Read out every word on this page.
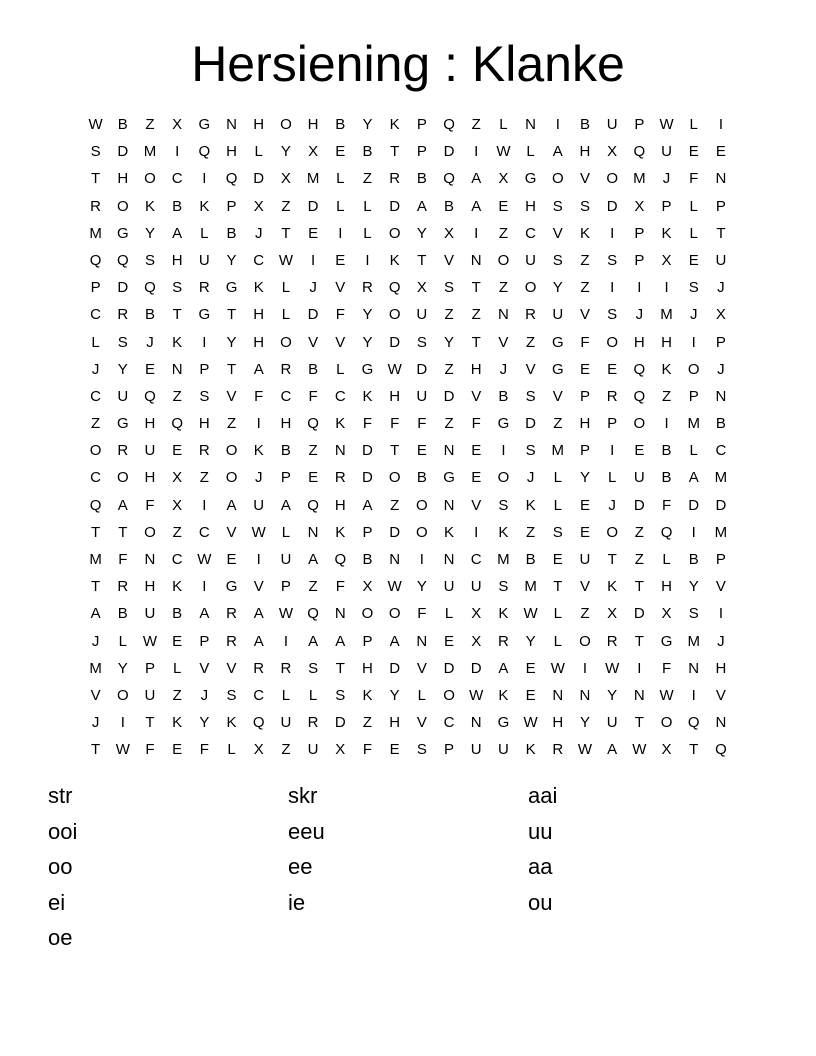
Hersiening : Klanke
W	B	Z	X	G	N	H	O	H	B	Y	K	P	Q	Z	L	N	I	B	U	P	W	L	I
S	D	M	I	Q	H	L	Y	X	E	B	T	P	D	I	W	L	A	H	X	Q	U	E	E
T	H	O	C	I	Q	D	X	M	L	Z	R	B	Q	A	X	G	O	V	O	M	J	F	N
R	O	K	B	K	P	X	Z	D	L	L	D	A	B	A	E	H	S	S	D	X	P	L	P
M	G	Y	A	L	B	J	T	E	I	L	O	Y	X	I	Z	C	V	K	I	P	K	L	T
Q	Q	S	H	U	Y	C W	I	E	I	K	T	V	N	O	U	S	Z	S	P	X	E	U
P	D	Q	S	R	G	K	L	J	V	R	Q	X	S	T	Z	O	Y	Z	I	I	I	S	J
C	R	B	T	G	T	H	L	D	F	Y	O	U	Z	Z	N	R	U	V	S	J	M	J	X
L	S	J	K	I	Y	H	O	V	V	Y	D	S	Y	T	V	Z	G	F	O	H	H	I	P
J	Y	E	N	P	T	A	R	B	L	G W D	Z	H	J	V	G	E	E	Q	K	O	J
C	U	Q	Z	S	V	F	C	F	C	K	H	U	D	V	B	S	V	P	R	Q	Z	P	N
Z	G	H	Q	H	Z	I	H	Q	K	F	F	F	Z	F	G	D	Z	H	P	O	I	M	B
O	R	U	E	R	O	K	B	Z	N	D	T	E	N	E	I	S	M	P	I	E	B	L	C
C	O	H	X	Z	O	J	P	E	R	D	O	B	G	E	O	J	L	Y	L	U	B	A	M
Q	A	F	X	I	A	U	A	Q	H	A	Z	O	N	V	S	K	L	E	J	D	F	D	D
T	T	O	Z	C	V	W	L	N	K	P	D	O	K	I	K	Z	S	E	O	Z	Q	I	M
M	F	N	C W	E	I	U	A	Q	B	N	I	N	C	M	B	E	U	T	Z	L	B	P
T	R	H	K	I	G	V	P	Z	F	X	W	Y	U	U	S	M	T	V	K	T	H	Y	V
A	B	U	B	A	R	A	W Q	N	O	O	F	L	X	K	W	L	Z	X	D	X	S	I
J	L	W	E	P	R	A	I	A	A	P	A	N	E	X	R	Y	L	O	R	T	G	M	J
M	Y	P	L	V	V	R	R	S	T	H	D	V	D	D	A	E	W	I	W	I	F	N	H
V	O	U	Z	J	S	C	L	L	S	K	Y	L	O W	K	E	N	N	Y	N W	I	V
J	I	T	K	Y	K	Q	U	R	D	Z	H	V	C	N	G W H	Y	U	T	O	Q	N
T	W	F	E	F	L	X	Z	U	X	F	E	S	P	U	U	K	R W	A	W	X	T	Q
str
ooi
oo
ei
oe
skr
eeu
ee
ie
aai
uu
aa
ou
